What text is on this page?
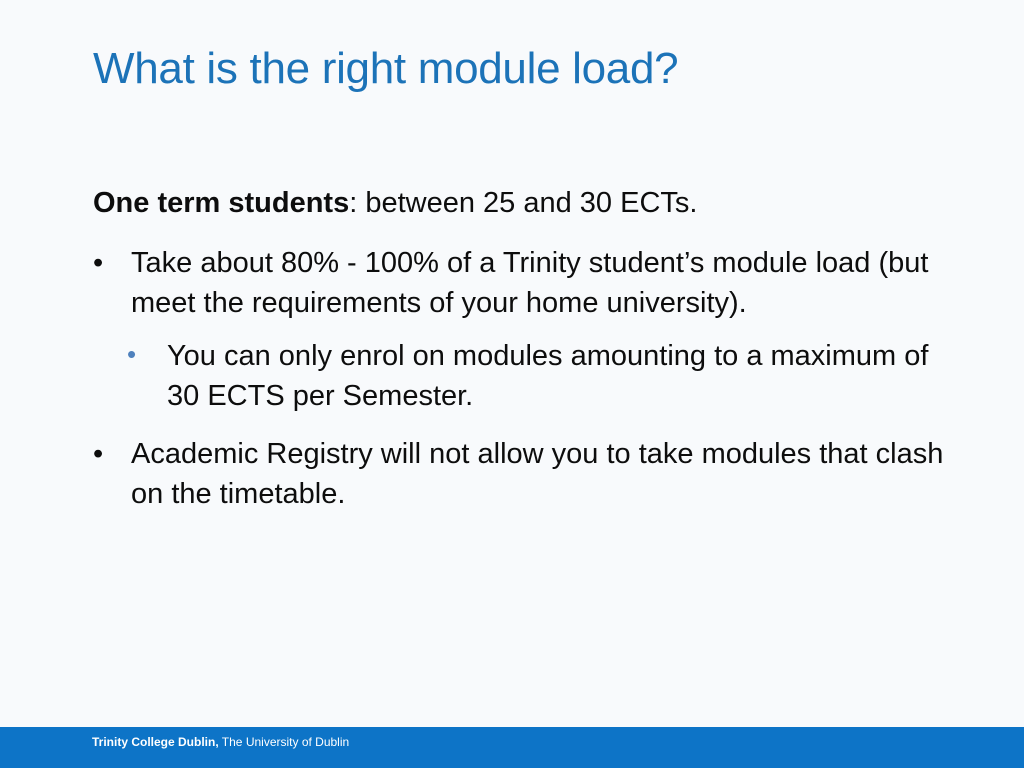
What is the right module load?

One term students: between 25 and 30 ECTs.

• Take about 80% - 100% of a Trinity student’s module load (but meet the requirements of your home university).
• You can only enrol on modules amounting to a maximum of 30 ECTS per Semester.
• Academic Registry will not allow you to take modules that clash on the timetable.
Trinity College Dublin, The University of Dublin
